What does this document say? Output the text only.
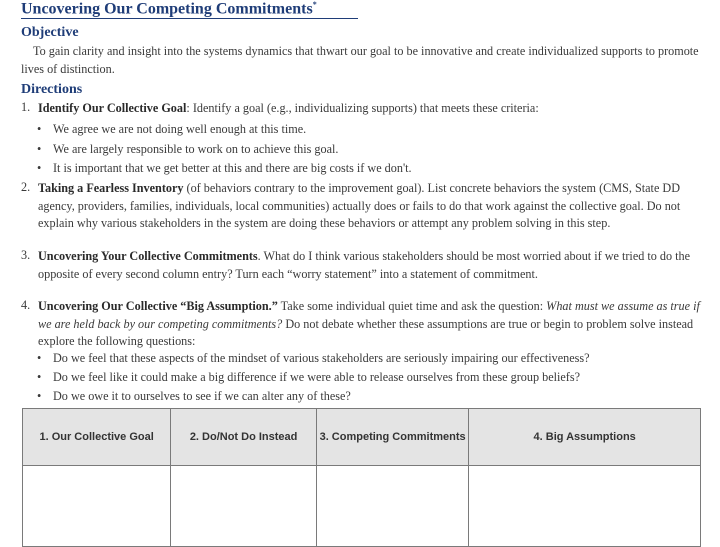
Uncovering Our Competing Commitments*
Objective
To gain clarity and insight into the systems dynamics that thwart our goal to be innovative and create individualized supports to promote lives of distinction.
Directions
1. Identify Our Collective Goal: Identify a goal (e.g., individualizing supports) that meets these criteria:
• We agree we are not doing well enough at this time.
• We are largely responsible to work on to achieve this goal.
• It is important that we get better at this and there are big costs if we don't.
2. Taking a Fearless Inventory (of behaviors contrary to the improvement goal). List concrete behaviors the system (CMS, State DD agency, providers, families, individuals, local communities) actually does or fails to do that work against the collective goal. Do not explain why various stakeholders in the system are doing these behaviors or attempt any problem solving in this step.
3. Uncovering Your Collective Commitments. What do I think various stakeholders should be most worried about if we tried to do the opposite of every second column entry? Turn each “worry statement” into a statement of commitment.
4. Uncovering Our Collective “Big Assumption.” Take some individual quiet time and ask the question: What must we assume as true if we are held back by our competing commitments? Do not debate whether these assumptions are true or begin to problem solve instead explore the following questions:
• Do we feel that these aspects of the mindset of various stakeholders are seriously impairing our effectiveness?
• Do we feel like it could make a big difference if we were able to release ourselves from these group beliefs?
• Do we owe it to ourselves to see if we can alter any of these?
1. Our Collective Goal	2. Do/Not Do Instead	3. Competing Commitments	4. Big Assumptions
